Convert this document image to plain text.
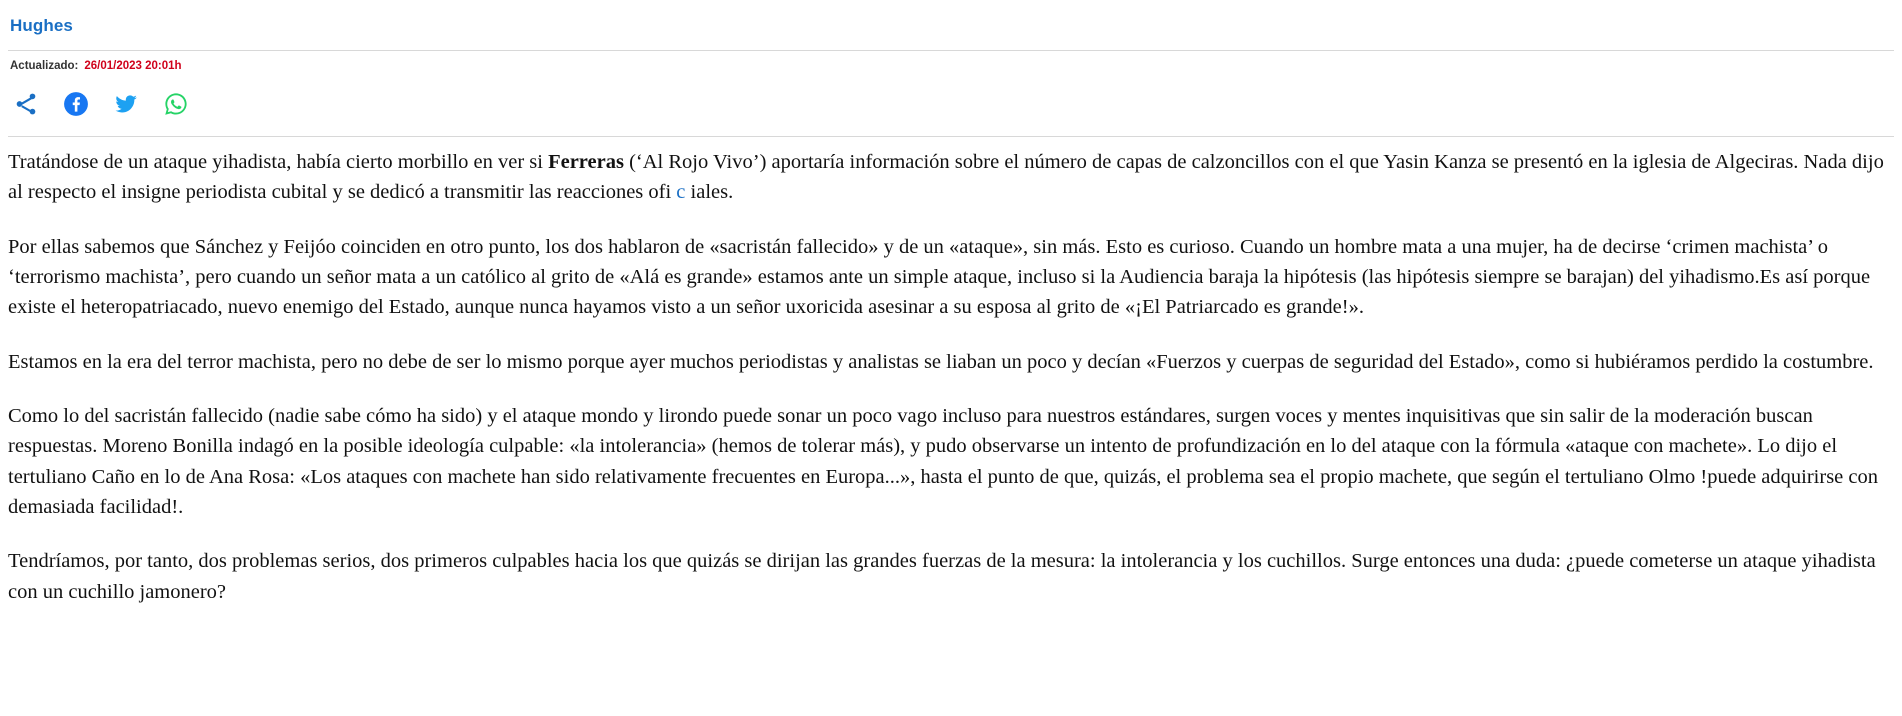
Hughes
Actualizado: 26/01/2023 20:01h

Tratándose de un ataque yihadista, había cierto morbillo en ver si Ferreras (‘Al Rojo Vivo’) aportaría información sobre el número de capas de calzoncillos con el que Yasin Kanza se presentó en la iglesia de Algeciras. Nada dijo al respecto el insigne periodista cubital y se dedicó a transmitir las reacciones ofi c iales.

Por ellas sabemos que Sánchez y Feijóo coinciden en otro punto, los dos hablaron de «sacristán fallecido» y de un «ataque», sin más. Esto es curioso. Cuando un hombre mata a una mujer, ha de decirse ‘crimen machista’ o ‘terrorismo machista’, pero cuando un señor mata a un católico al grito de «Alá es grande» estamos ante un simple ataque, incluso si la Audiencia baraja la hipótesis (las hipótesis siempre se barajan) del yihadismo.Es así porque existe el heteropatriacado, nuevo enemigo del Estado, aunque nunca hayamos visto a un señor uxoricida asesinar a su esposa al grito de «¡El Patriarcado es grande!».

Estamos en la era del terror machista, pero no debe de ser lo mismo porque ayer muchos periodistas y analistas se liaban un poco y decían «Fuerzos y cuerpas de seguridad del Estado», como si hubiéramos perdido la costumbre.

Como lo del sacristán fallecido (nadie sabe cómo ha sido) y el ataque mondo y lirondo puede sonar un poco vago incluso para nuestros estándares, surgen voces y mentes inquisitivas que sin salir de la moderación buscan respuestas. Moreno Bonilla indagó en la posible ideología culpable: «la intolerancia» (hemos de tolerar más), y pudo observarse un intento de profundización en lo del ataque con la fórmula «ataque con machete». Lo dijo el tertuliano Caño en lo de Ana Rosa: «Los ataques con machete han sido relativamente frecuentes en Europa...», hasta el punto de que, quizás, el problema sea el propio machete, que según el tertuliano Olmo !puede adquirirse con demasiada facilidad!.

Tendríamos, por tanto, dos problemas serios, dos primeros culpables hacia los que quizás se dirijan las grandes fuerzas de la mesura: la intolerancia y los cuchillos. Surge entonces una duda: ¿puede cometerse un ataque yihadista con un cuchillo jamonero?
